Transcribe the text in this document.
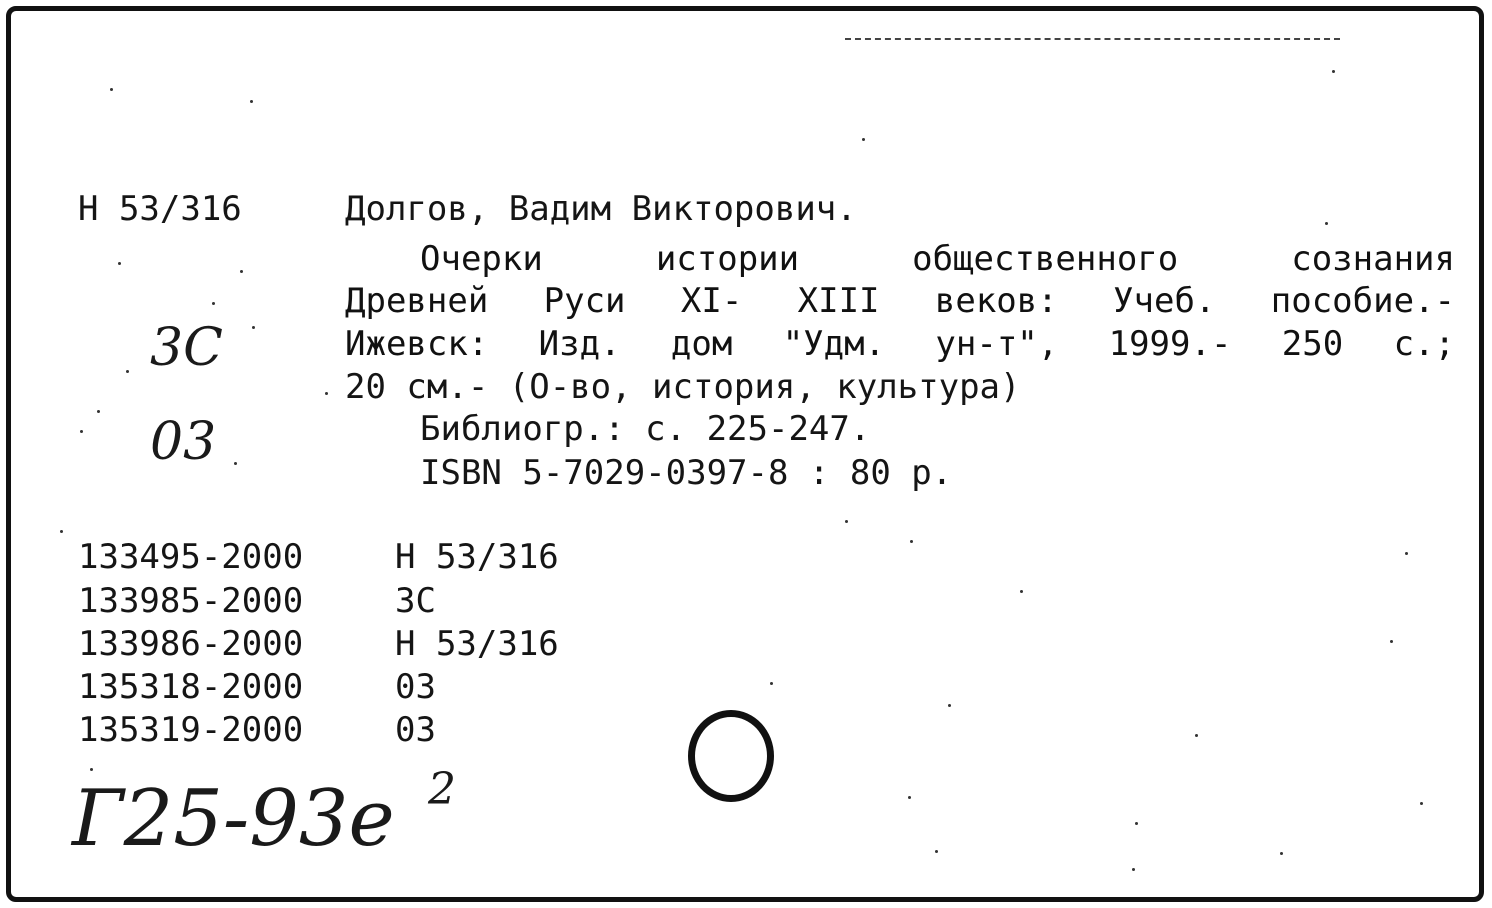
Н 53/316	Долгов, Вадим Викторович.
Очерки истории общественного сознания
Древней Руси XI- XIII веков: Учеб. пособие.-
Ижевск: Изд. дом "Удм. ун-т", 1999.- 250 с.;
20 см.- (О-во, история, культура)
Библиогр.: с. 225-247.
ISBN 5-7029-0397-8 : 80 р.
3С
03
133495-2000	Н 53/316
133985-2000	3С
133986-2000	Н 53/316
135318-2000	03
135319-2000	03
Г25-93е 2
